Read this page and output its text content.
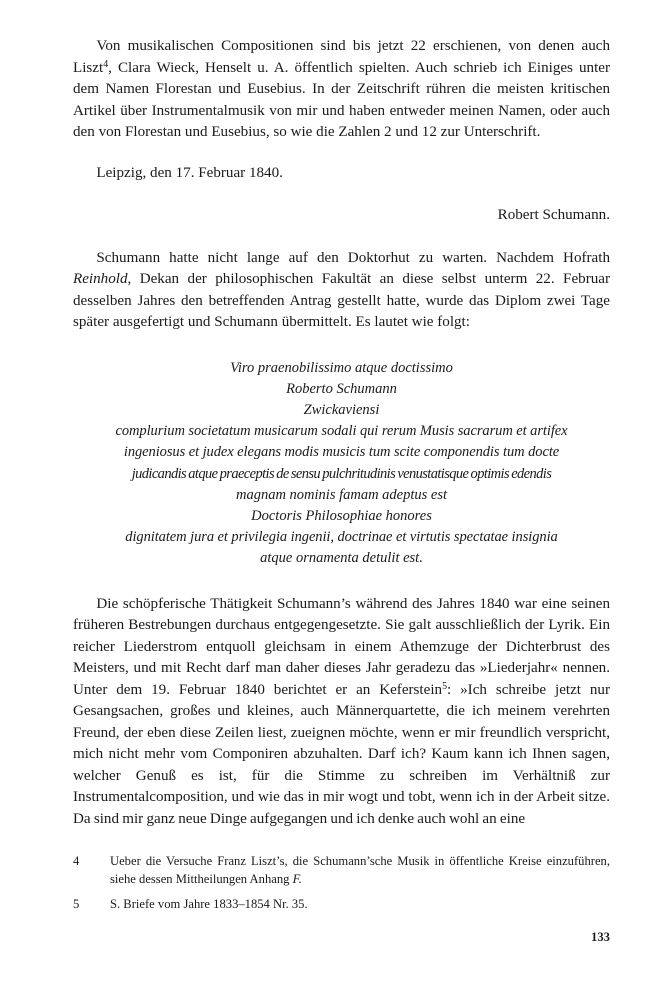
Von musikalischen Compositionen sind bis jetzt 22 erschienen, von denen auch Liszt$^4$, Clara Wieck, Henselt u. A. öffentlich spielten. Auch schrieb ich Einiges unter dem Namen Florestan und Eusebius. In der Zeitschrift rühren die meisten kritischen Artikel über Instrumentalmusik von mir und haben entweder meinen Namen, oder auch den von Florestan und Eusebius, so wie die Zahlen 2 und 12 zur Unterschrift.

Leipzig, den 17. Februar 1840.

Robert Schumann.

Schumann hatte nicht lange auf den Doktorhut zu warten. Nachdem Hofrath Reinhold, Dekan der philosophischen Fakultät an diese selbst unterm 22. Februar desselben Jahres den betreffenden Antrag gestellt hatte, wurde das Diplom zwei Tage später ausgefertigt und Schumann übermittelt. Es lautet wie folgt:

Viro praenobilissimo atque doctissimo
Roberto Schumann
Zwickaviensi
complurium societatum musicarum sodali qui rerum Musis sacrarum et artifex
ingeniosus et judex elegans modis musicis tum scite componendis tum docte
judicandis atque praeceptis de sensu pulchritudinis venustatisque optimis edendis
magnam nominis famam adeptus est
Doctoris Philosophiae honores
dignitatem jura et privilegia ingenii, doctrinae et virtutis spectatae insignia
atque ornamenta detulit est.

Die schöpferische Thätigkeit Schumann’s während des Jahres 1840 war eine seinen früheren Bestrebungen durchaus entgegengesetzte. Sie galt ausschließlich der Lyrik. Ein reicher Liederstrom entquoll gleichsam in einem Athemzuge der Dichterbrust des Meisters, und mit Recht darf man daher dieses Jahr geradezu das »Liederjahr« nennen. Unter dem 19. Februar 1840 berichtet er an Keferstein$^5$: »Ich schreibe jetzt nur Gesangsachen, großes und kleines, auch Männerquartette, die ich meinem verehrten Freund, der eben diese Zeilen liest, zueignen möchte, wenn er mir freundlich verspricht, mich nicht mehr vom Componiren abzuhalten. Darf ich? Kaum kann ich Ihnen sagen, welcher Genuß es ist, für die Stimme zu schreiben im Verhältniß zur Instrumentalcomposition, und wie das in mir wogt und tobt, wenn ich in der Arbeit sitze. Da sind mir ganz neue Dinge aufgegangen und ich denke auch wohl an eine

4	Ueber die Versuche Franz Liszt’s, die Schumann’sche Musik in öffentliche Kreise einzuführen, siehe dessen Mittheilungen Anhang F.
5	S. Briefe vom Jahre 1833–1854 Nr. 35.
133
